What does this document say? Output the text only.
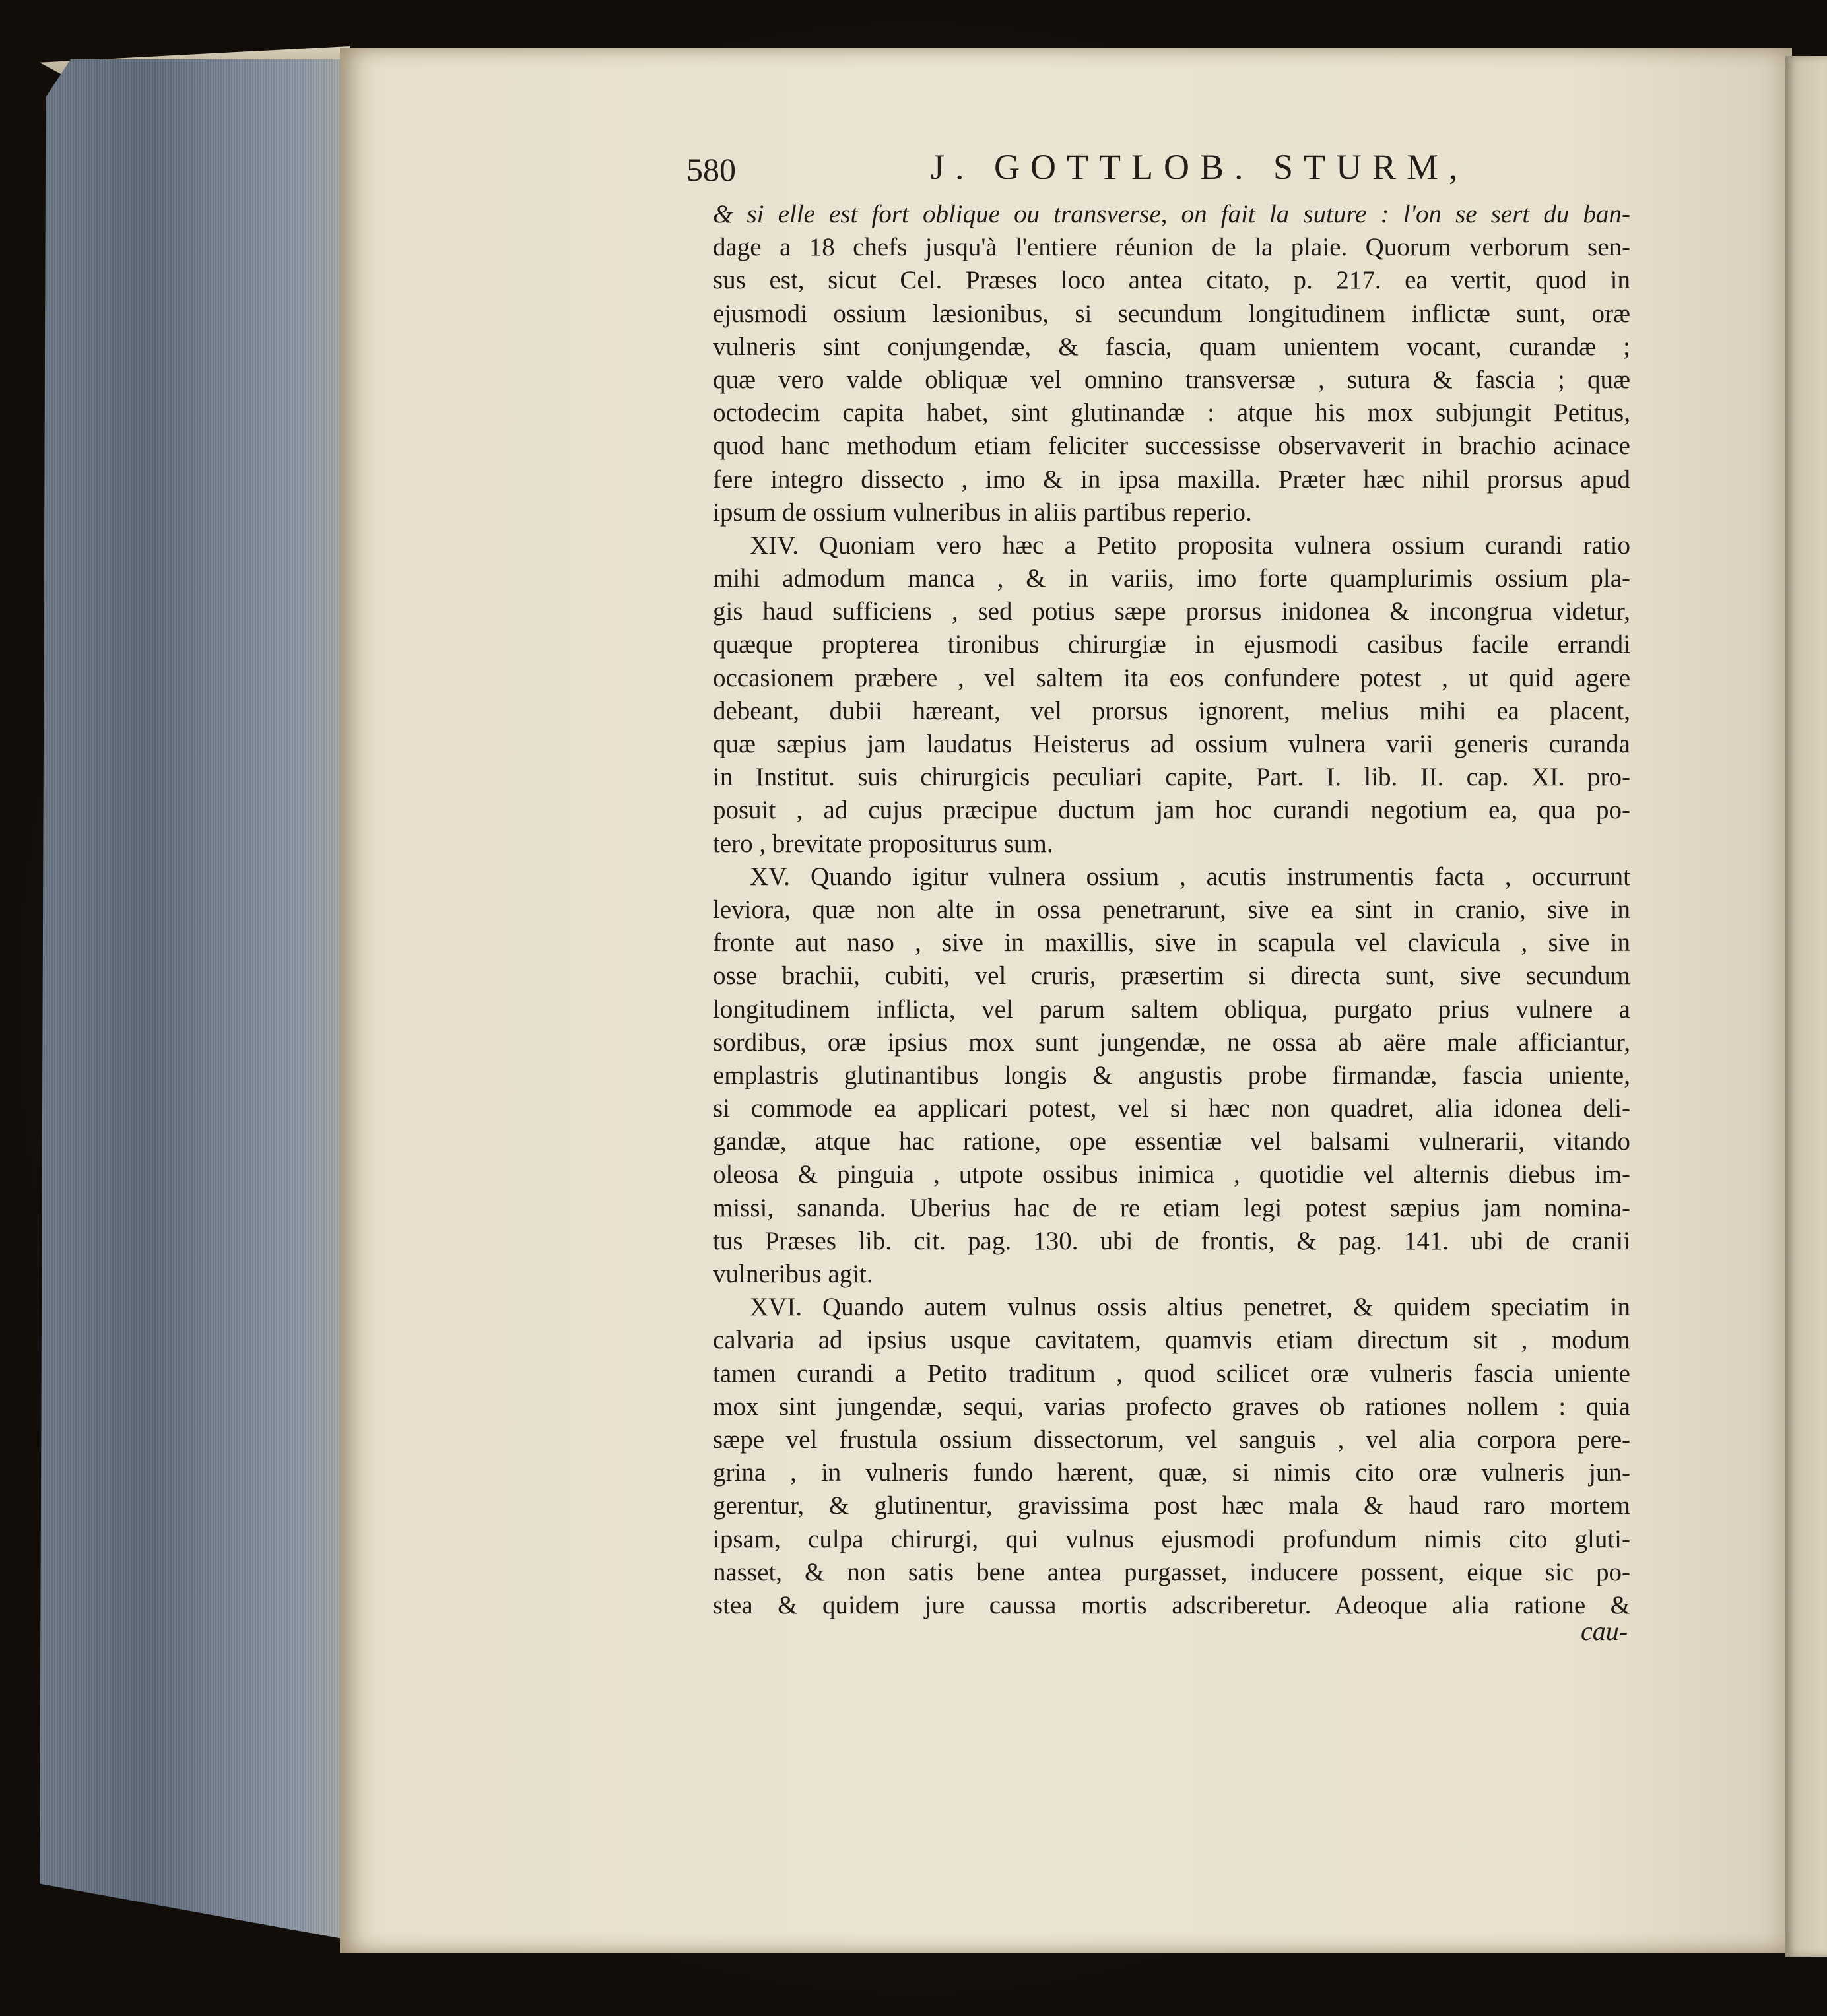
580	J. GOTTLOB. STURM,
& si elle est fort oblique ou transverse, on fait la suture : l'on se sert du ban-
dage a 18 chefs jusqu'à l'entiere réunion de la plaie. Quorum verborum sen-
sus est, sicut Cel. Præses loco antea citato, p. 217. ea vertit, quod in
ejusmodi ossium læsionibus, si secundum longitudinem inflictæ sunt, oræ
vulneris sint conjungendæ, & fascia, quam unientem vocant, curandæ ;
quæ vero valde obliquæ vel omnino transversæ , sutura & fascia ; quæ
octodecim capita habet, sint glutinandæ : atque his mox subjungit Petitus,
quod hanc methodum etiam feliciter successisse observaverit in brachio acinace
fere integro dissecto , imo & in ipsa maxilla. Præter hæc nihil prorsus apud
ipsum de ossium vulneribus in aliis partibus reperio.
XIV. Quoniam vero hæc a Petito proposita vulnera ossium curandi ratio
mihi admodum manca , & in variis, imo forte quamplurimis ossium pla-
gis haud sufficiens , sed potius sæpe prorsus inidonea & incongrua videtur,
quæque propterea tironibus chirurgiæ in ejusmodi casibus facile errandi
occasionem præbere , vel saltem ita eos confundere potest , ut quid agere
debeant, dubii hæreant, vel prorsus ignorent, melius mihi ea placent,
quæ sæpius jam laudatus Heisterus ad ossium vulnera varii generis curanda
in Institut. suis chirurgicis peculiari capite, Part. I. lib. II. cap. XI. pro-
posuit , ad cujus præcipue ductum jam hoc curandi negotium ea, qua po-
tero , brevitate propositurus sum.
XV. Quando igitur vulnera ossium , acutis instrumentis facta , occurrunt
leviora, quæ non alte in ossa penetrarunt, sive ea sint in cranio, sive in
fronte aut naso , sive in maxillis, sive in scapula vel clavicula , sive in
osse brachii, cubiti, vel cruris, præsertim si directa sunt, sive secundum
longitudinem inflicta, vel parum saltem obliqua, purgato prius vulnere a
sordibus, oræ ipsius mox sunt jungendæ, ne ossa ab aëre male afficiantur,
emplastris glutinantibus longis & angustis probe firmandæ, fascia uniente,
si commode ea applicari potest, vel si hæc non quadret, alia idonea deli-
gandæ, atque hac ratione, ope essentiæ vel balsami vulnerarii, vitando
oleosa & pinguia , utpote ossibus inimica , quotidie vel alternis diebus im-
missi, sananda. Uberius hac de re etiam legi potest sæpius jam nomina-
tus Præses lib. cit. pag. 130. ubi de frontis, & pag. 141. ubi de cranii
vulneribus agit.
XVI. Quando autem vulnus ossis altius penetret, & quidem speciatim in
calvaria ad ipsius usque cavitatem, quamvis etiam directum sit , modum
tamen curandi a Petito traditum , quod scilicet oræ vulneris fascia uniente
mox sint jungendæ, sequi, varias profecto graves ob rationes nollem : quia
sæpe vel frustula ossium dissectorum, vel sanguis , vel alia corpora pere-
grina , in vulneris fundo hærent, quæ, si nimis cito oræ vulneris jun-
gerentur, & glutinentur, gravissima post hæc mala & haud raro mortem
ipsam, culpa chirurgi, qui vulnus ejusmodi profundum nimis cito gluti-
nasset, & non satis bene antea purgasset, inducere possent, eique sic po-
stea & quidem jure caussa mortis adscriberetur. Adeoque alia ratione &
cau-
